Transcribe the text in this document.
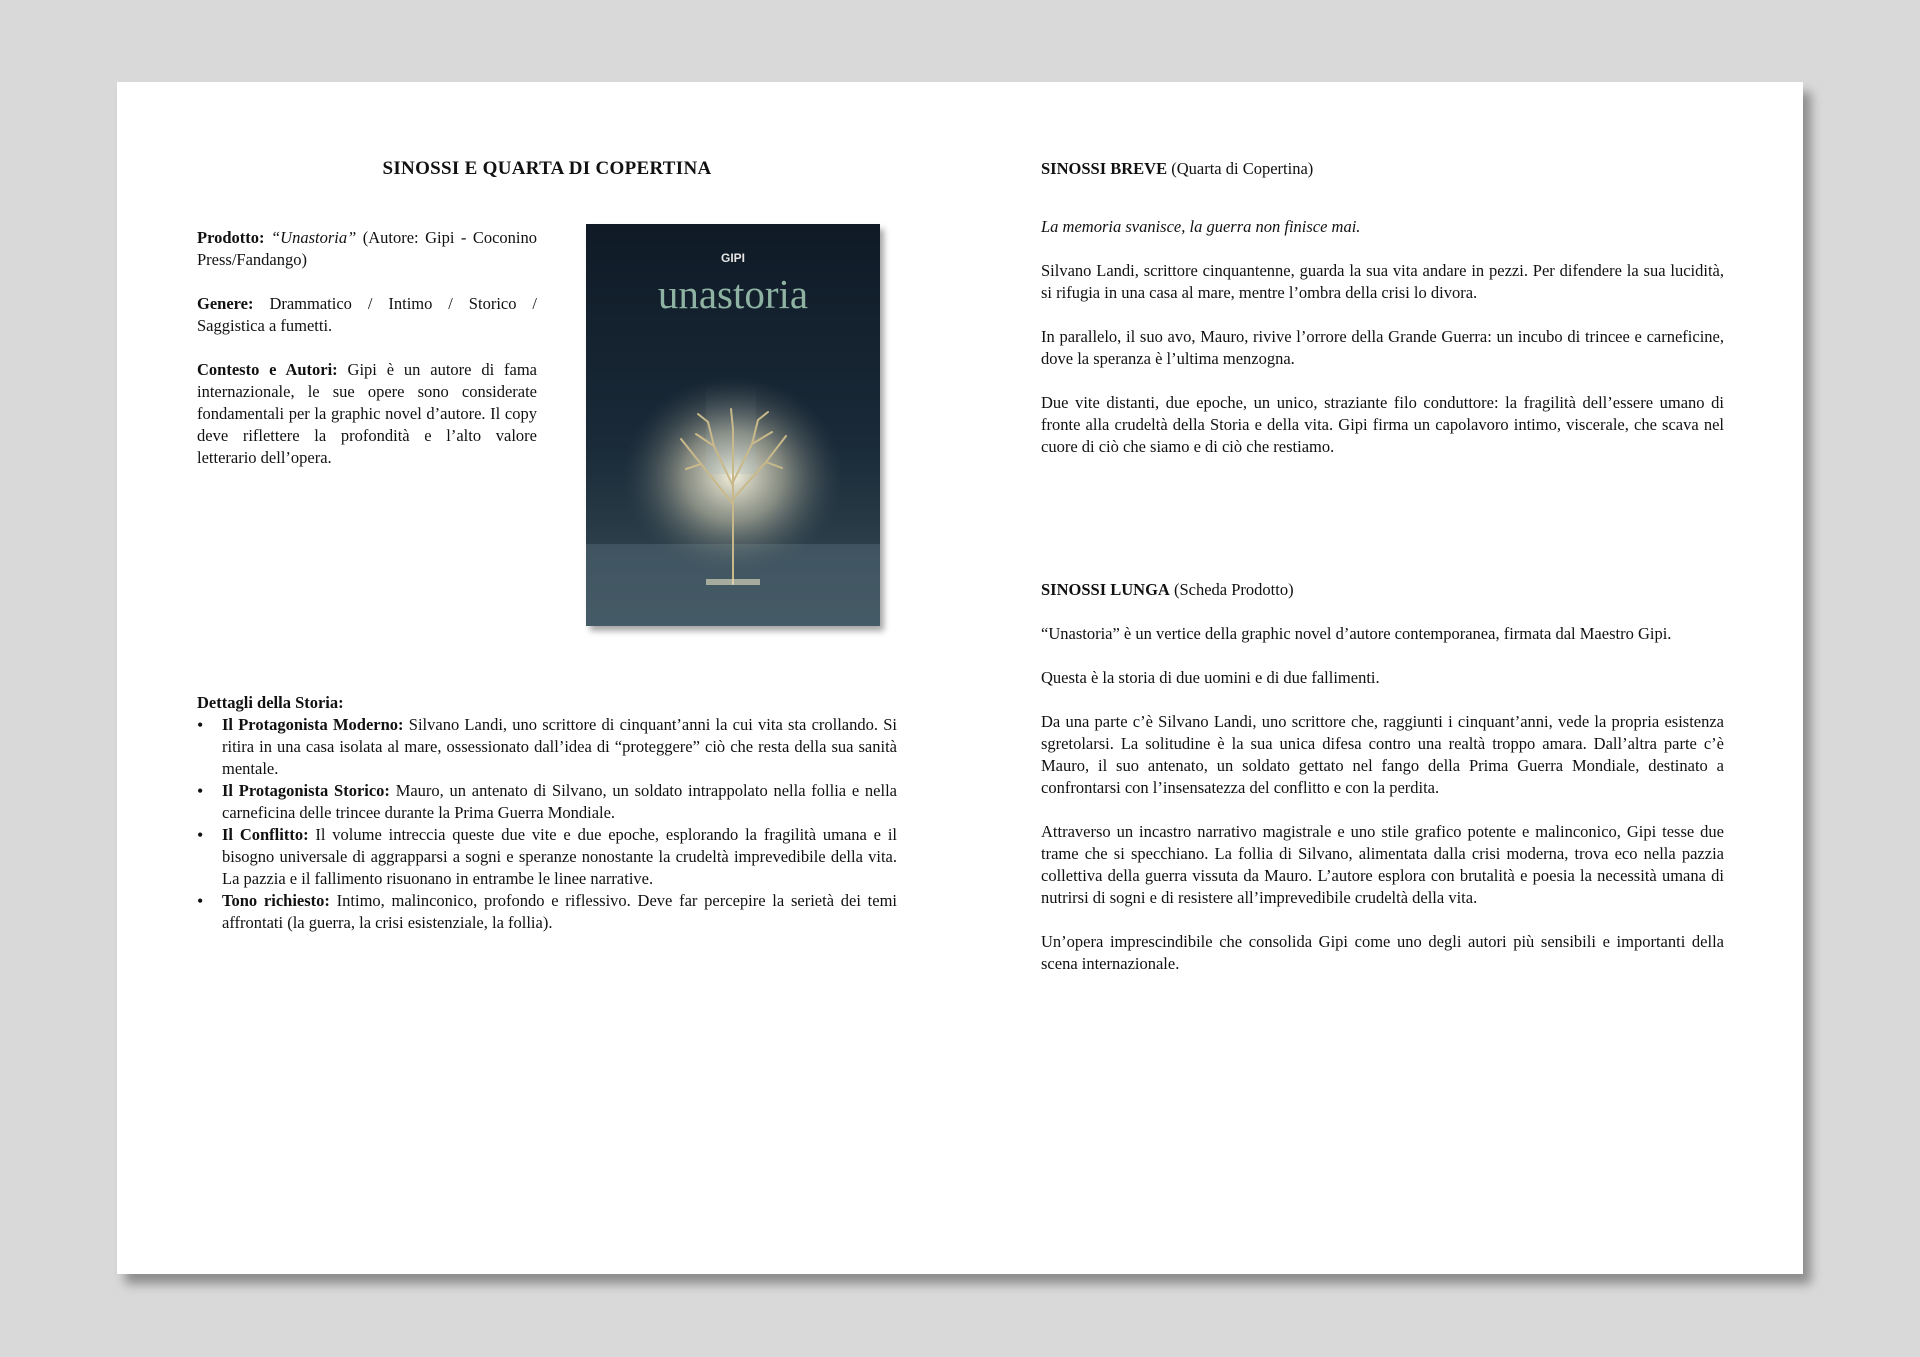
SINOSSI E QUARTA DI COPERTINA

Prodotto: “Unastoria” (Autore: Gipi - Coconino Press/Fandango)

Genere: Drammatico / Intimo / Storico / Saggistica a fumetti.

Contesto e Autori: Gipi è un autore di fama internazionale, le sue opere sono considerate fondamentali per la graphic novel d’autore. Il copy deve riflettere la profondità e l’alto valore letterario dell’opera.

GIPI
unastoria
Dettagli della Storia:
• Il Protagonista Moderno: Silvano Landi, uno scrittore di cinquant’anni la cui vita sta crollando. Si ritira in una casa isolata al mare, ossessionato dall’idea di “proteggere” ciò che resta della sua sanità mentale.
• Il Protagonista Storico: Mauro, un antenato di Silvano, un soldato intrappolato nella follia e nella carneficina delle trincee durante la Prima Guerra Mondiale.
• Il Conflitto: Il volume intreccia queste due vite e due epoche, esplorando la fragilità umana e il bisogno universale di aggrapparsi a sogni e speranze nonostante la crudeltà imprevedibile della vita. La pazzia e il fallimento risuonano in entrambe le linee narrative.
• Tono richiesto: Intimo, malinconico, profondo e riflessivo. Deve far percepire la serietà dei temi affrontati (la guerra, la crisi esistenziale, la follia).

SINOSSI BREVE (Quarta di Copertina)

La memoria svanisce, la guerra non finisce mai.

Silvano Landi, scrittore cinquantenne, guarda la sua vita andare in pezzi. Per difendere la sua lucidità, si rifugia in una casa al mare, mentre l’ombra della crisi lo divora.

In parallelo, il suo avo, Mauro, rivive l’orrore della Grande Guerra: un incubo di trincee e carneficine, dove la speranza è l’ultima menzogna.

Due vite distanti, due epoche, un unico, straziante filo conduttore: la fragilità dell’essere umano di fronte alla crudeltà della Storia e della vita. Gipi firma un capolavoro intimo, viscerale, che scava nel cuore di ciò che siamo e di ciò che restiamo.

SINOSSI LUNGA (Scheda Prodotto)

“Unastoria” è un vertice della graphic novel d’autore contemporanea, firmata dal Maestro Gipi.

Questa è la storia di due uomini e di due fallimenti.

Da una parte c’è Silvano Landi, uno scrittore che, raggiunti i cinquant’anni, vede la propria esistenza sgretolarsi. La solitudine è la sua unica difesa contro una realtà troppo amara. Dall’altra parte c’è Mauro, il suo antenato, un soldato gettato nel fango della Prima Guerra Mondiale, destinato a confrontarsi con l’insensatezza del conflitto e con la perdita.

Attraverso un incastro narrativo magistrale e uno stile grafico potente e malinconico, Gipi tesse due trame che si specchiano. La follia di Silvano, alimentata dalla crisi moderna, trova eco nella pazzia collettiva della guerra vissuta da Mauro. L’autore esplora con brutalità e poesia la necessità umana di nutrirsi di sogni e di resistere all’imprevedibile crudeltà della vita.

Un’opera imprescindibile che consolida Gipi come uno degli autori più sensibili e importanti della scena internazionale.
